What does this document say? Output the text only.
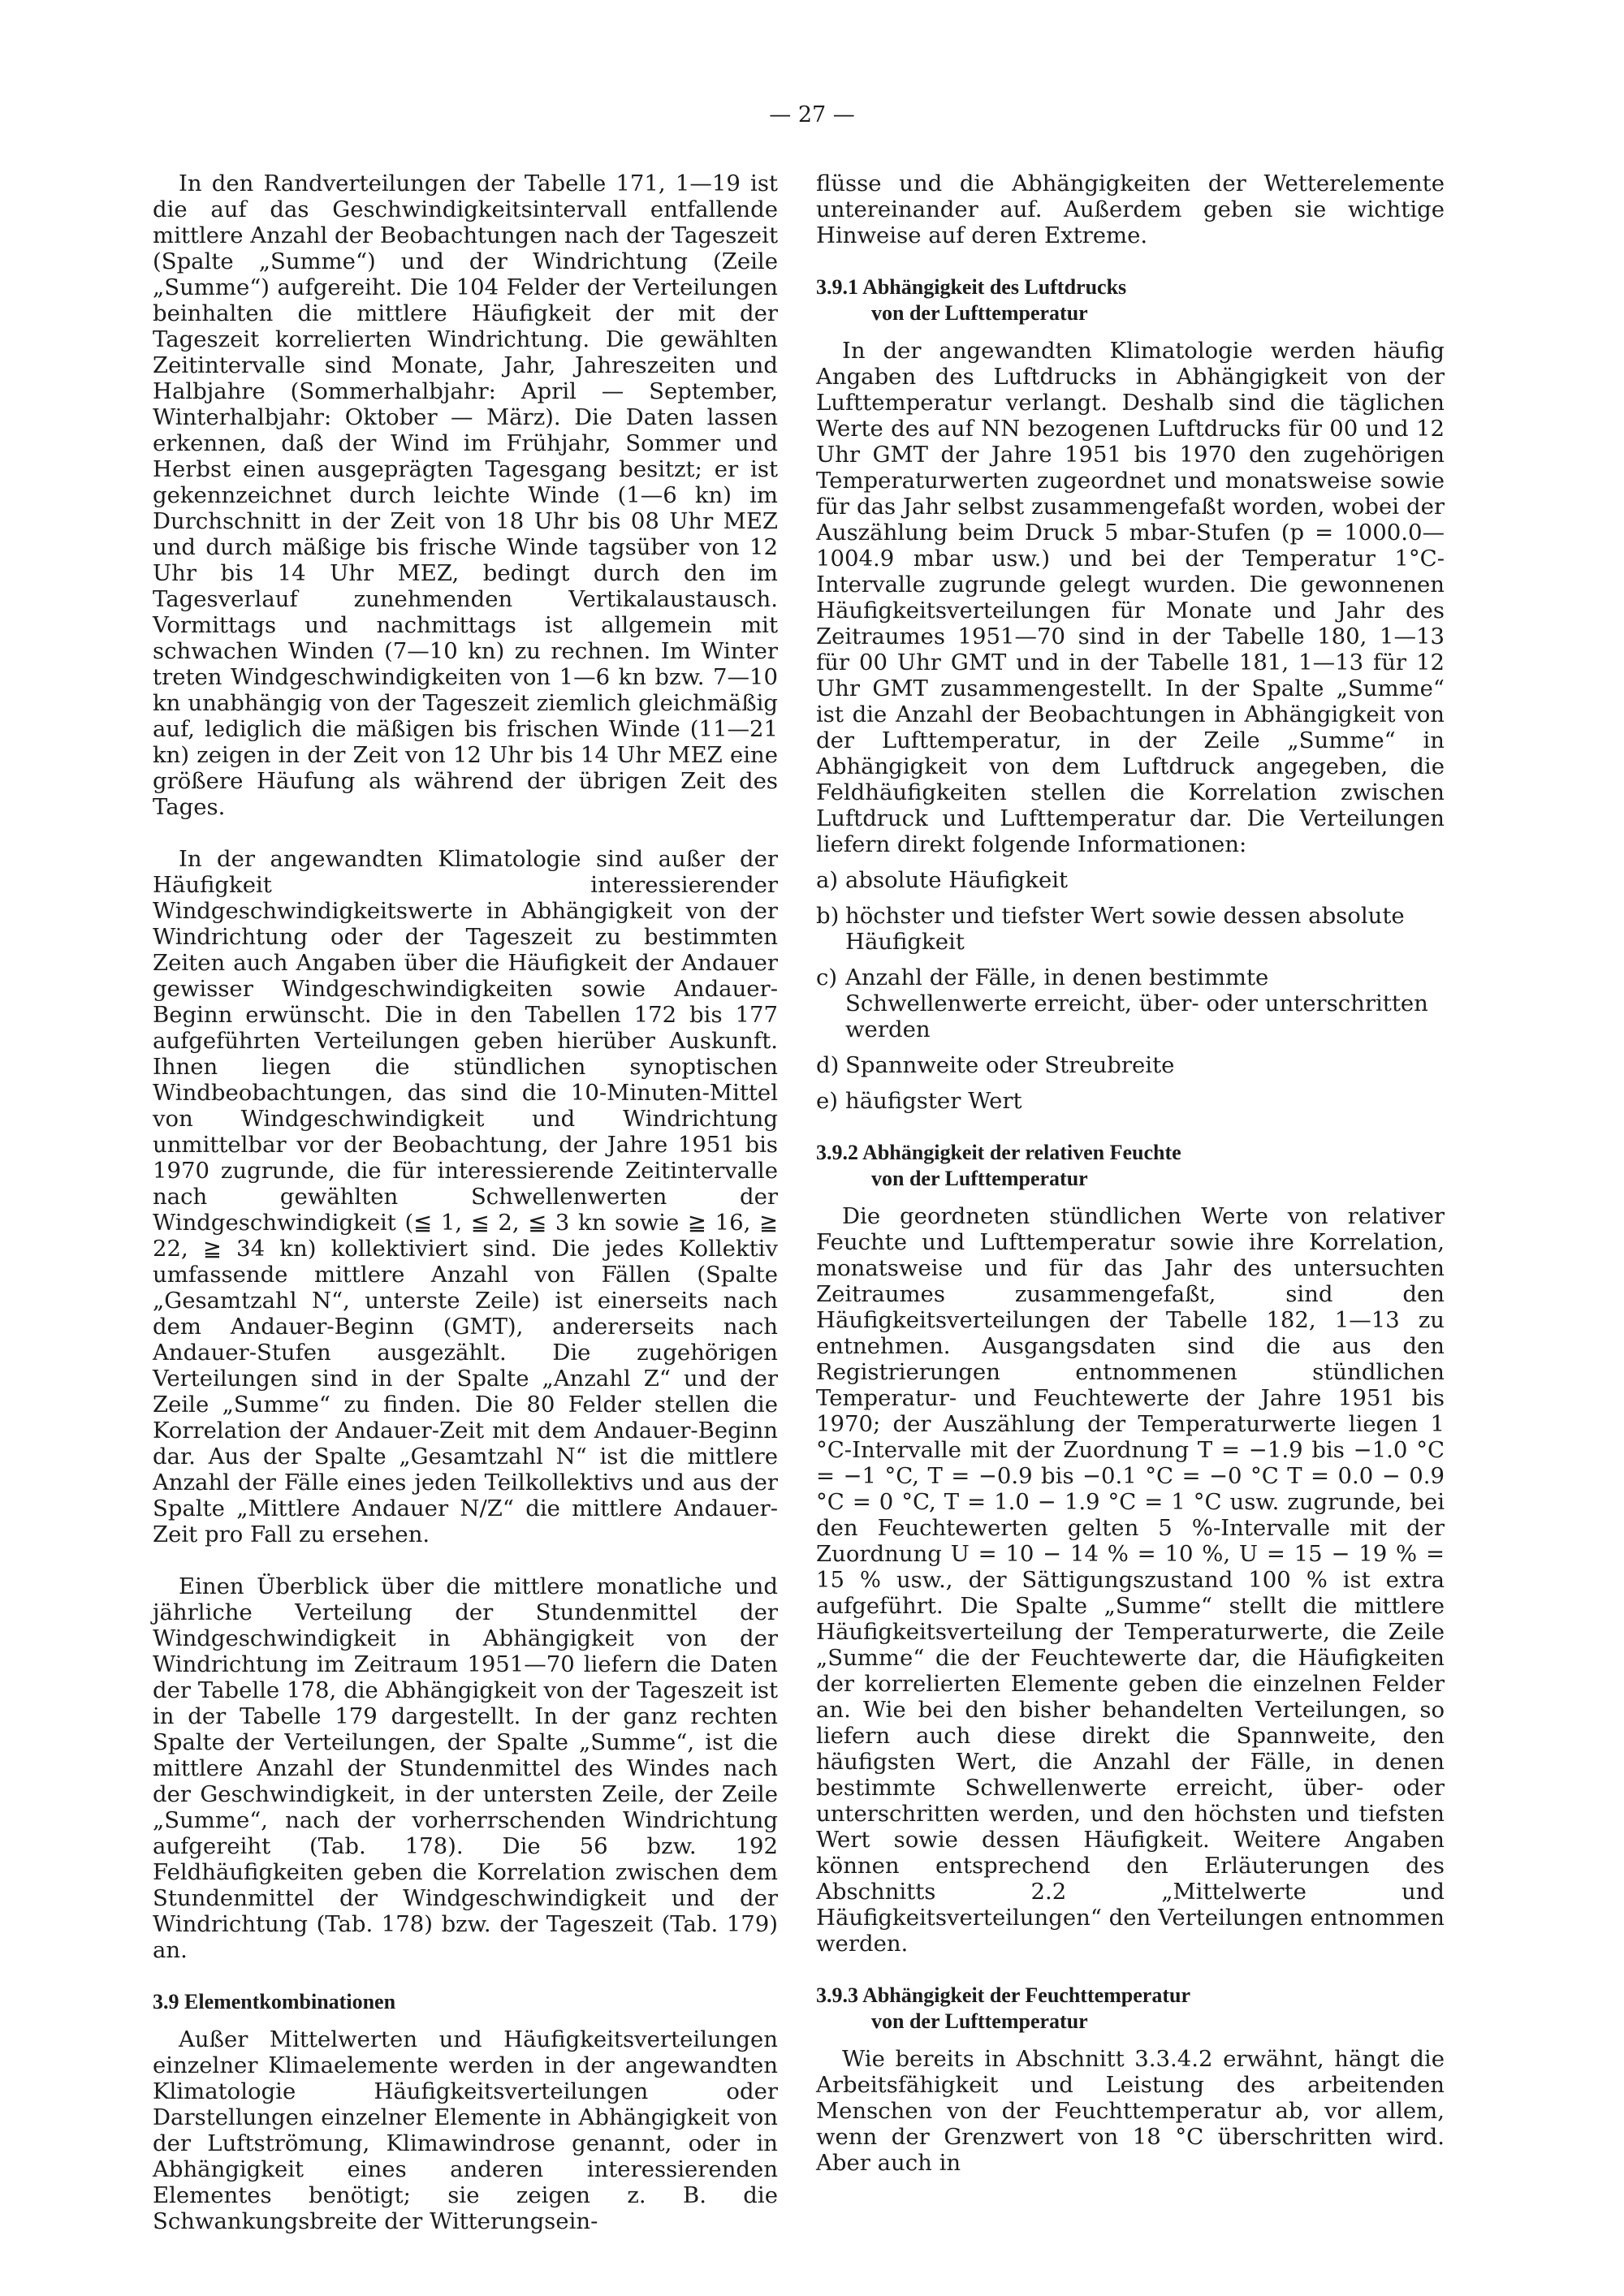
— 27 —

In den Randverteilungen der Tabelle 171, 1—19 ist die auf das Geschwindigkeitsintervall entfallende mittlere Anzahl der Beobachtungen nach der Tageszeit (Spalte „Summe“) und der Windrichtung (Zeile „Summe“) aufgereiht. Die 104 Felder der Verteilungen beinhalten die mittlere Häufigkeit der mit der Tageszeit korrelierten Windrichtung. Die gewählten Zeitintervalle sind Monate, Jahr, Jahreszeiten und Halbjahre (Sommerhalbjahr: April — September, Winterhalbjahr: Oktober — März). Die Daten lassen erkennen, daß der Wind im Frühjahr, Sommer und Herbst einen ausgeprägten Tagesgang besitzt; er ist gekennzeichnet durch leichte Winde (1—6 kn) im Durchschnitt in der Zeit von 18 Uhr bis 08 Uhr MEZ und durch mäßige bis frische Winde tagsüber von 12 Uhr bis 14 Uhr MEZ, bedingt durch den im Tagesverlauf zunehmenden Vertikalaustausch. Vormittags und nachmittags ist allgemein mit schwachen Winden (7—10 kn) zu rechnen. Im Winter treten Windgeschwindigkeiten von 1—6 kn bzw. 7—10 kn unabhängig von der Tageszeit ziemlich gleichmäßig auf, lediglich die mäßigen bis frischen Winde (11—21 kn) zeigen in der Zeit von 12 Uhr bis 14 Uhr MEZ eine größere Häufung als während der übrigen Zeit des Tages.

In der angewandten Klimatologie sind außer der Häufigkeit interessierender Windgeschwindigkeitswerte in Abhängigkeit von der Windrichtung oder der Tageszeit zu bestimmten Zeiten auch Angaben über die Häufigkeit der Andauer gewisser Windgeschwindigkeiten sowie Andauer-Beginn erwünscht. Die in den Tabellen 172 bis 177 aufgeführten Verteilungen geben hierüber Auskunft. Ihnen liegen die stündlichen synoptischen Windbeobachtungen, das sind die 10-Minuten-Mittel von Windgeschwindigkeit und Windrichtung unmittelbar vor der Beobachtung, der Jahre 1951 bis 1970 zugrunde, die für interessierende Zeitintervalle nach gewählten Schwellenwerten der Windgeschwindigkeit (≦ 1, ≦ 2, ≦ 3 kn sowie ≧ 16, ≧ 22, ≧ 34 kn) kollektiviert sind. Die jedes Kollektiv umfassende mittlere Anzahl von Fällen (Spalte „Gesamtzahl N“, unterste Zeile) ist einerseits nach dem Andauer-Beginn (GMT), andererseits nach Andauer-Stufen ausgezählt. Die zugehörigen Verteilungen sind in der Spalte „Anzahl Z“ und der Zeile „Summe“ zu finden. Die 80 Felder stellen die Korrelation der Andauer-Zeit mit dem Andauer-Beginn dar. Aus der Spalte „Gesamtzahl N“ ist die mittlere Anzahl der Fälle eines jeden Teilkollektivs und aus der Spalte „Mittlere Andauer N/Z“ die mittlere Andauer-Zeit pro Fall zu ersehen.

Einen Überblick über die mittlere monatliche und jährliche Verteilung der Stundenmittel der Windgeschwindigkeit in Abhängigkeit von der Windrichtung im Zeitraum 1951—70 liefern die Daten der Tabelle 178, die Abhängigkeit von der Tageszeit ist in der Tabelle 179 dargestellt. In der ganz rechten Spalte der Verteilungen, der Spalte „Summe“, ist die mittlere Anzahl der Stundenmittel des Windes nach der Geschwindigkeit, in der untersten Zeile, der Zeile „Summe“, nach der vorherrschenden Windrichtung aufgereiht (Tab. 178). Die 56 bzw. 192 Feldhäufigkeiten geben die Korrelation zwischen dem Stundenmittel der Windgeschwindigkeit und der Windrichtung (Tab. 178) bzw. der Tageszeit (Tab. 179) an.

3.9 Elementkombinationen

Außer Mittelwerten und Häufigkeitsverteilungen einzelner Klimaelemente werden in der angewandten Klimatologie Häufigkeitsverteilungen oder Darstellungen einzelner Elemente in Abhängigkeit von der Luftströmung, Klimawindrose genannt, oder in Abhängigkeit eines anderen interessierenden Elementes benötigt; sie zeigen z. B. die Schwankungsbreite der Witterungsein-

flüsse und die Abhängigkeiten der Wetterelemente untereinander auf. Außerdem geben sie wichtige Hinweise auf deren Extreme.

3.9.1 Abhängigkeit des Luftdrucks
von der Lufttemperatur

In der angewandten Klimatologie werden häufig Angaben des Luftdrucks in Abhängigkeit von der Lufttemperatur verlangt. Deshalb sind die täglichen Werte des auf NN bezogenen Luftdrucks für 00 und 12 Uhr GMT der Jahre 1951 bis 1970 den zugehörigen Temperaturwerten zugeordnet und monatsweise sowie für das Jahr selbst zusammengefaßt worden, wobei der Auszählung beim Druck 5 mbar-Stufen (p = 1000.0—1004.9 mbar usw.) und bei der Temperatur 1°C-Intervalle zugrunde gelegt wurden. Die gewonnenen Häufigkeitsverteilungen für Monate und Jahr des Zeitraumes 1951—70 sind in der Tabelle 180, 1—13 für 00 Uhr GMT und in der Tabelle 181, 1—13 für 12 Uhr GMT zusammengestellt. In der Spalte „Summe“ ist die Anzahl der Beobachtungen in Abhängigkeit von der Lufttemperatur, in der Zeile „Summe“ in Abhängigkeit von dem Luftdruck angegeben, die Feldhäufigkeiten stellen die Korrelation zwischen Luftdruck und Lufttemperatur dar. Die Verteilungen liefern direkt folgende Informationen:

a) absolute Häufigkeit
b) höchster und tiefster Wert sowie dessen absolute Häufigkeit
c) Anzahl der Fälle, in denen bestimmte Schwellenwerte erreicht, über- oder unterschritten werden
d) Spannweite oder Streubreite
e) häufigster Wert
3.9.2 Abhängigkeit der relativen Feuchte
von der Lufttemperatur

Die geordneten stündlichen Werte von relativer Feuchte und Lufttemperatur sowie ihre Korrelation, monatsweise und für das Jahr des untersuchten Zeitraumes zusammengefaßt, sind den Häufigkeitsverteilungen der Tabelle 182, 1—13 zu entnehmen. Ausgangsdaten sind die aus den Registrierungen entnommenen stündlichen Temperatur- und Feuchtewerte der Jahre 1951 bis 1970; der Auszählung der Temperaturwerte liegen 1 °C-Intervalle mit der Zuordnung T = −1.9 bis −1.0 °C = −1 °C, T = −0.9 bis −0.1 °C = −0 °C T = 0.0 − 0.9 °C = 0 °C, T = 1.0 − 1.9 °C = 1 °C usw. zugrunde, bei den Feuchtewerten gelten 5 %-Intervalle mit der Zuordnung U = 10 − 14 % = 10 %, U = 15 − 19 % = 15 % usw., der Sättigungszustand 100 % ist extra aufgeführt. Die Spalte „Summe“ stellt die mittlere Häufigkeitsverteilung der Temperaturwerte, die Zeile „Summe“ die der Feuchtewerte dar, die Häufigkeiten der korrelierten Elemente geben die einzelnen Felder an. Wie bei den bisher behandelten Verteilungen, so liefern auch diese direkt die Spannweite, den häufigsten Wert, die Anzahl der Fälle, in denen bestimmte Schwellenwerte erreicht, über- oder unterschritten werden, und den höchsten und tiefsten Wert sowie dessen Häufigkeit. Weitere Angaben können entsprechend den Erläuterungen des Abschnitts 2.2 „Mittelwerte und Häufigkeitsverteilungen“ den Verteilungen entnommen werden.

3.9.3 Abhängigkeit der Feuchttemperatur
von der Lufttemperatur

Wie bereits in Abschnitt 3.3.4.2 erwähnt, hängt die Arbeitsfähigkeit und Leistung des arbeitenden Menschen von der Feuchttemperatur ab, vor allem, wenn der Grenzwert von 18 °C überschritten wird. Aber auch in
